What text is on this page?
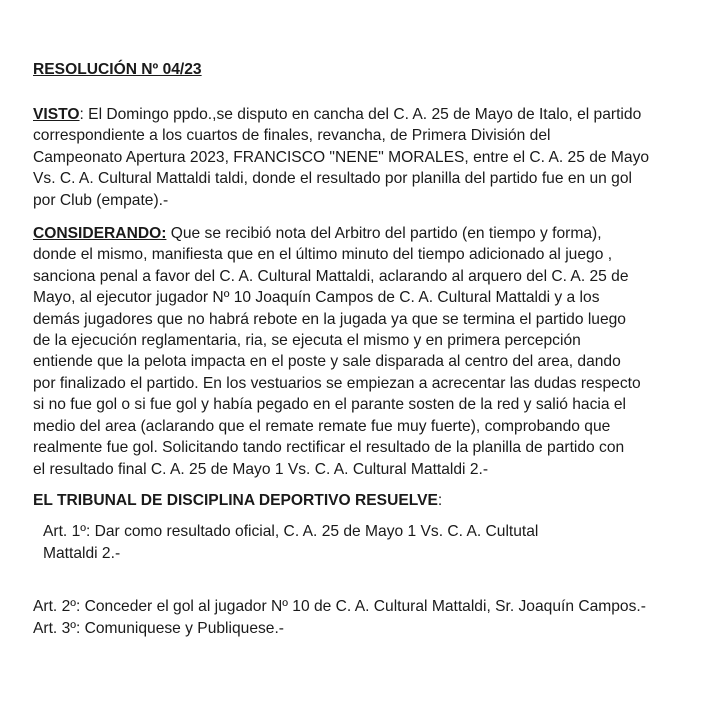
RESOLUCIÓN Nº 04/23

VISTO: El Domingo ppdo.,se disputo en cancha del C. A. 25 de Mayo de Italo, el partido
correspondiente a los cuartos de finales, revancha, de Primera División del
Campeonato Apertura 2023, FRANCISCO "NENE" MORALES, entre el C. A. 25 de Mayo
Vs. C. A. Cultural Mattaldi taldi, donde el resultado por planilla del partido fue en un gol
por Club (empate).-

CONSIDERANDO: Que se recibió nota del Arbitro del partido (en tiempo y forma),
donde el mismo, manifiesta que en el último minuto del tiempo adicionado al juego ,
sanciona penal a favor del C. A. Cultural Mattaldi, aclarando al arquero del C. A. 25 de
Mayo, al ejecutor jugador Nº 10 Joaquín Campos de C. A. Cultural Mattaldi y a los
demás jugadores que no habrá rebote en la jugada ya que se termina el partido luego
de la ejecución reglamentaria, ria, se ejecuta el mismo y en primera percepción
entiende que la pelota impacta en el poste y sale disparada al centro del area, dando
por finalizado el partido. En los vestuarios se empiezan a acrecentar las dudas respecto
si no fue gol o si fue gol y había pegado en el parante sosten de la red y salió hacia el
medio del area (aclarando que el remate remate fue muy fuerte), comprobando que
realmente fue gol. Solicitando tando rectificar el resultado de la planilla de partido con
el resultado final C. A. 25 de Mayo 1 Vs. C. A. Cultural Mattaldi 2.-

EL TRIBUNAL DE DISCIPLINA DEPORTIVO RESUELVE:

Art. 1º: Dar como resultado oficial, C. A. 25 de Mayo 1 Vs. C. A. Cultutal
Mattaldi 2.-

Art. 2º: Conceder el gol al jugador Nº 10 de C. A. Cultural Mattaldi, Sr. Joaquín Campos.-

Art. 3º: Comuniquese y Publiquese.-
